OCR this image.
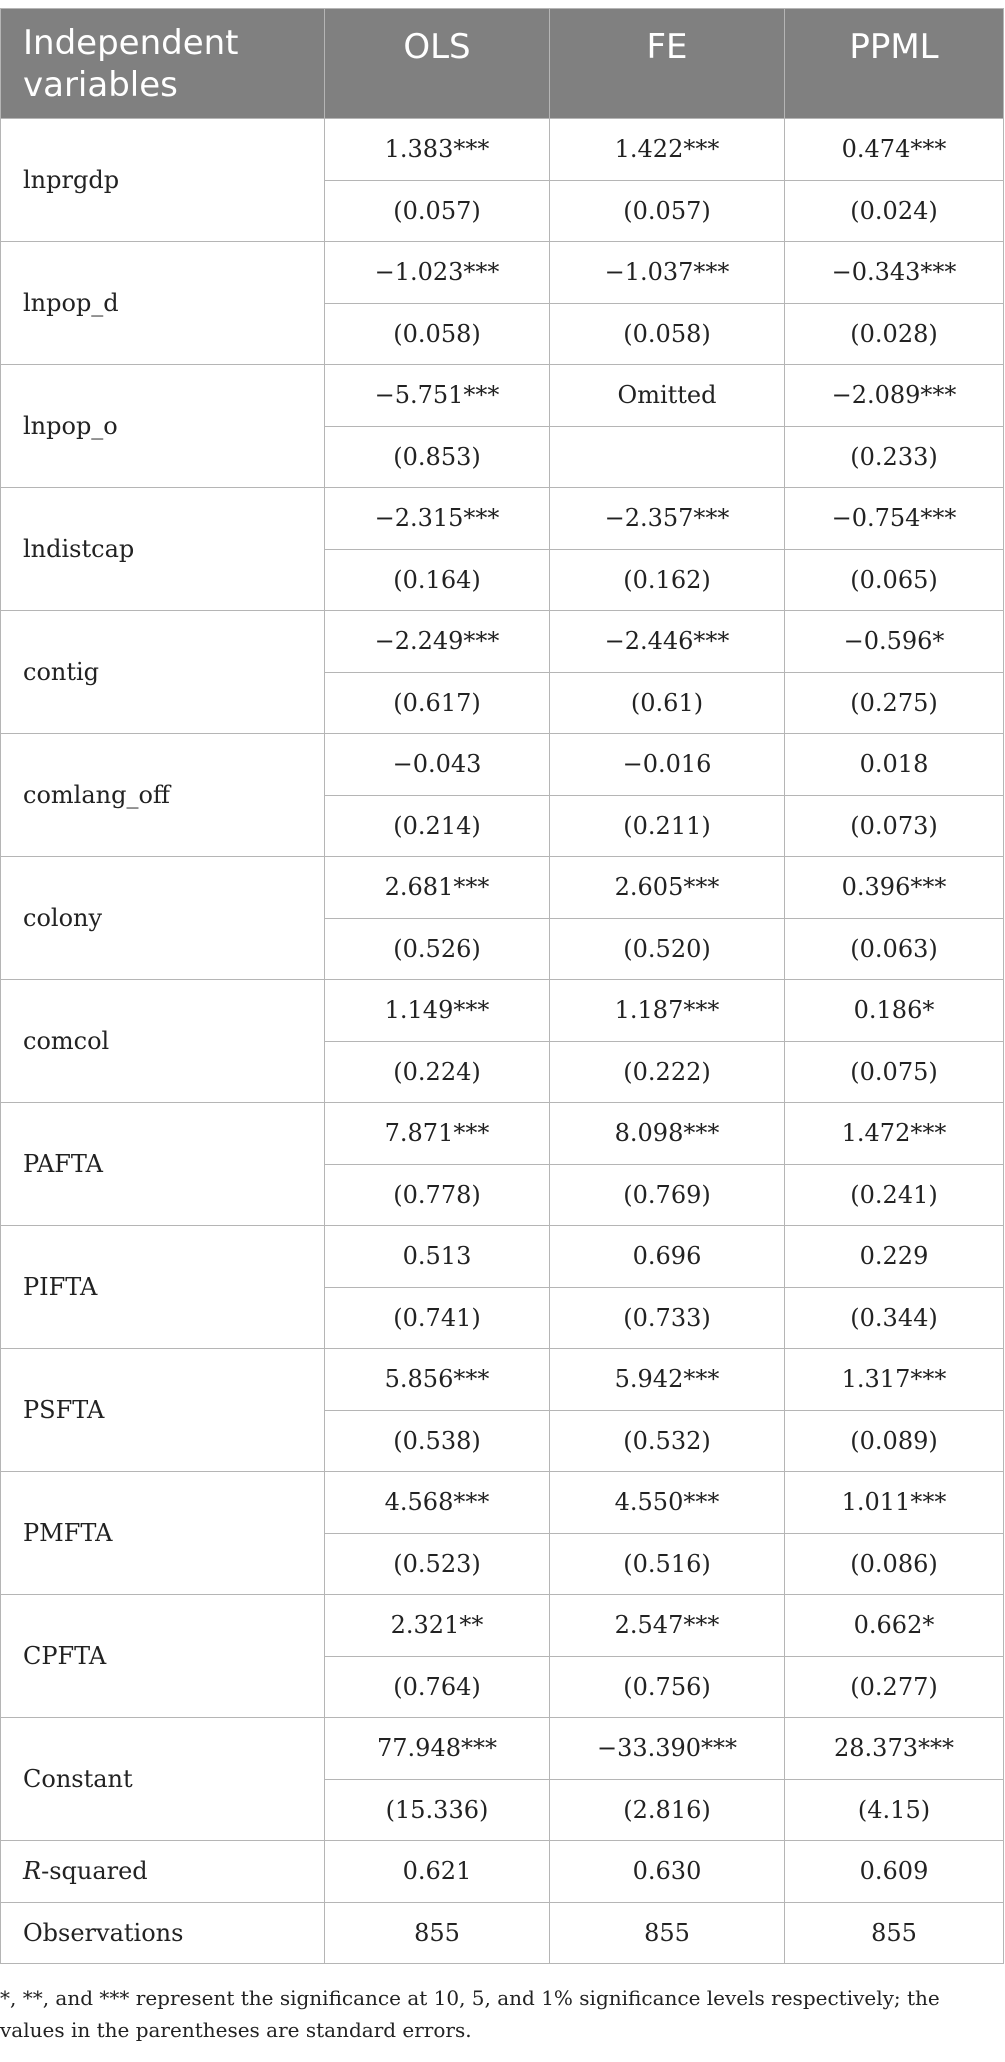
Independent variables	OLS	FE	PPML
lnprgdp	1.383***	1.422***	0.474***
	(0.057)	(0.057)	(0.024)
lnpop_d	−1.023***	−1.037***	−0.343***
	(0.058)	(0.058)	(0.028)
lnpop_o	−5.751***	Omitted	−2.089***
	(0.853)		(0.233)
lndistcap	−2.315***	−2.357***	−0.754***
	(0.164)	(0.162)	(0.065)
contig	−2.249***	−2.446***	−0.596*
	(0.617)	(0.61)	(0.275)
comlang_off	−0.043	−0.016	0.018
	(0.214)	(0.211)	(0.073)
colony	2.681***	2.605***	0.396***
	(0.526)	(0.520)	(0.063)
comcol	1.149***	1.187***	0.186*
	(0.224)	(0.222)	(0.075)
PAFTA	7.871***	8.098***	1.472***
	(0.778)	(0.769)	(0.241)
PIFTA	0.513	0.696	0.229
	(0.741)	(0.733)	(0.344)
PSFTA	5.856***	5.942***	1.317***
	(0.538)	(0.532)	(0.089)
PMFTA	4.568***	4.550***	1.011***
	(0.523)	(0.516)	(0.086)
CPFTA	2.321**	2.547***	0.662*
	(0.764)	(0.756)	(0.277)
Constant	77.948***	−33.390***	28.373***
	(15.336)	(2.816)	(4.15)
R-squared	0.621	0.630	0.609
Observations	855	855	855
*, **, and *** represent the significance at 10, 5, and 1% significance levels respectively; the values in the parentheses are standard errors.
